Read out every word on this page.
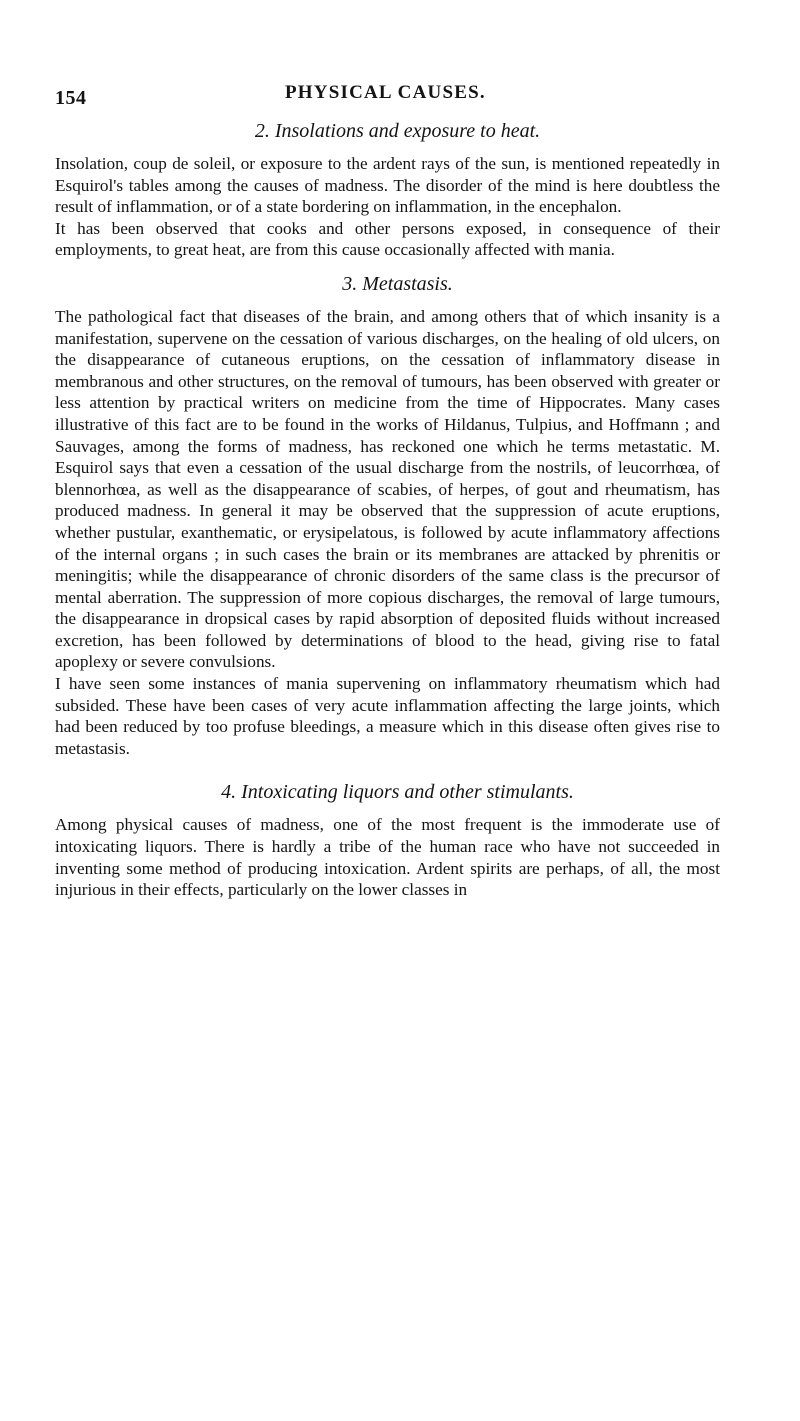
154	PHYSICAL CAUSES.
2. Insolations and exposure to heat.

Insolation, coup de soleil, or exposure to the ardent rays of the sun, is mentioned repeatedly in Esquirol's tables among the causes of madness. The disorder of the mind is here doubtless the result of inflammation, or of a state bordering on inflammation, in the encephalon.

It has been observed that cooks and other persons exposed, in consequence of their employments, to great heat, are from this cause occasionally affected with mania.

3. Metastasis.

The pathological fact that diseases of the brain, and among others that of which insanity is a manifestation, supervene on the cessation of various discharges, on the healing of old ulcers, on the disappearance of cutaneous eruptions, on the cessation of inflammatory disease in membranous and other structures, on the removal of tumours, has been observed with greater or less attention by practical writers on medicine from the time of Hippocrates. Many cases illustrative of this fact are to be found in the works of Hildanus, Tulpius, and Hoffmann ; and Sauvages, among the forms of madness, has reckoned one which he terms metastatic. M. Esquirol says that even a cessation of the usual discharge from the nostrils, of leucorrhœa, of blennorhœa, as well as the disappearance of scabies, of herpes, of gout and rheumatism, has produced madness. In general it may be observed that the suppression of acute eruptions, whether pustular, exanthematic, or erysipelatous, is followed by acute inflammatory affections of the internal organs ; in such cases the brain or its membranes are attacked by phrenitis or meningitis; while the disappearance of chronic disorders of the same class is the precursor of mental aberration. The suppression of more copious discharges, the removal of large tumours, the disappearance in dropsical cases by rapid absorption of deposited fluids without increased excretion, has been followed by determinations of blood to the head, giving rise to fatal apoplexy or severe convulsions.

I have seen some instances of mania supervening on inflammatory rheumatism which had subsided. These have been cases of very acute inflammation affecting the large joints, which had been reduced by too profuse bleedings, a measure which in this disease often gives rise to metastasis.

4. Intoxicating liquors and other stimulants.

Among physical causes of madness, one of the most frequent is the immoderate use of intoxicating liquors. There is hardly a tribe of the human race who have not succeeded in inventing some method of producing intoxication. Ardent spirits are perhaps, of all, the most injurious in their effects, particularly on the lower classes in
